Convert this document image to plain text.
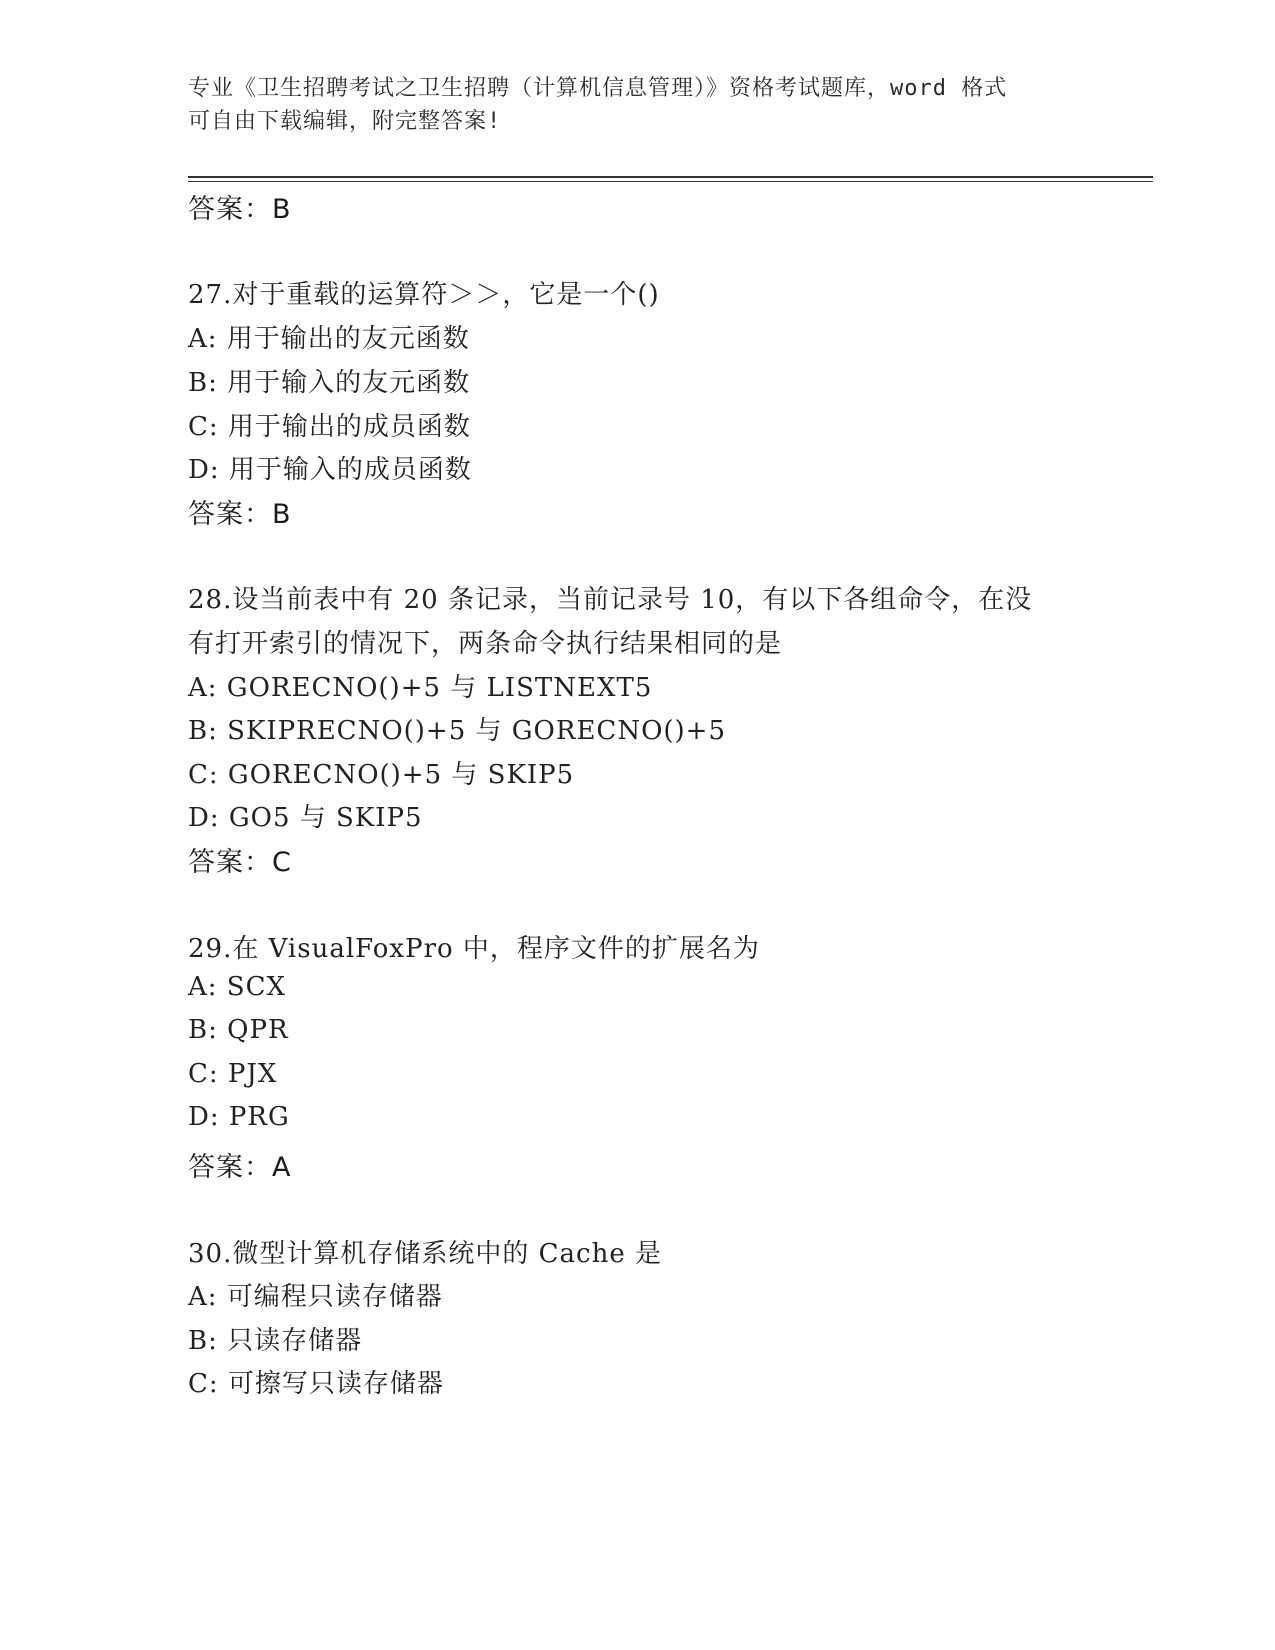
专业《卫生招聘考试之卫生招聘（计算机信息管理）》资格考试题库，word 格式
可自由下载编辑，附完整答案!
答案：B
27.对于重载的运算符＞＞，它是一个()
A: 用于输出的友元函数
B: 用于输入的友元函数
C: 用于输出的成员函数
D: 用于输入的成员函数
答案：B
28.设当前表中有 20 条记录，当前记录号 10，有以下各组命令，在没
有打开索引的情况下，两条命令执行结果相同的是
A: GORECNO()+5 与 LISTNEXT5
B: SKIPRECNO()+5 与 GORECNO()+5
C: GORECNO()+5 与 SKIP5
D: GO5 与 SKIP5
答案：C
29.在 VisualFoxPro 中，程序文件的扩展名为
A: SCX
B: QPR
C: PJX
D: PRG
答案：A
30.微型计算机存储系统中的 Cache 是
A: 可编程只读存储器
B: 只读存储器
C: 可擦写只读存储器
